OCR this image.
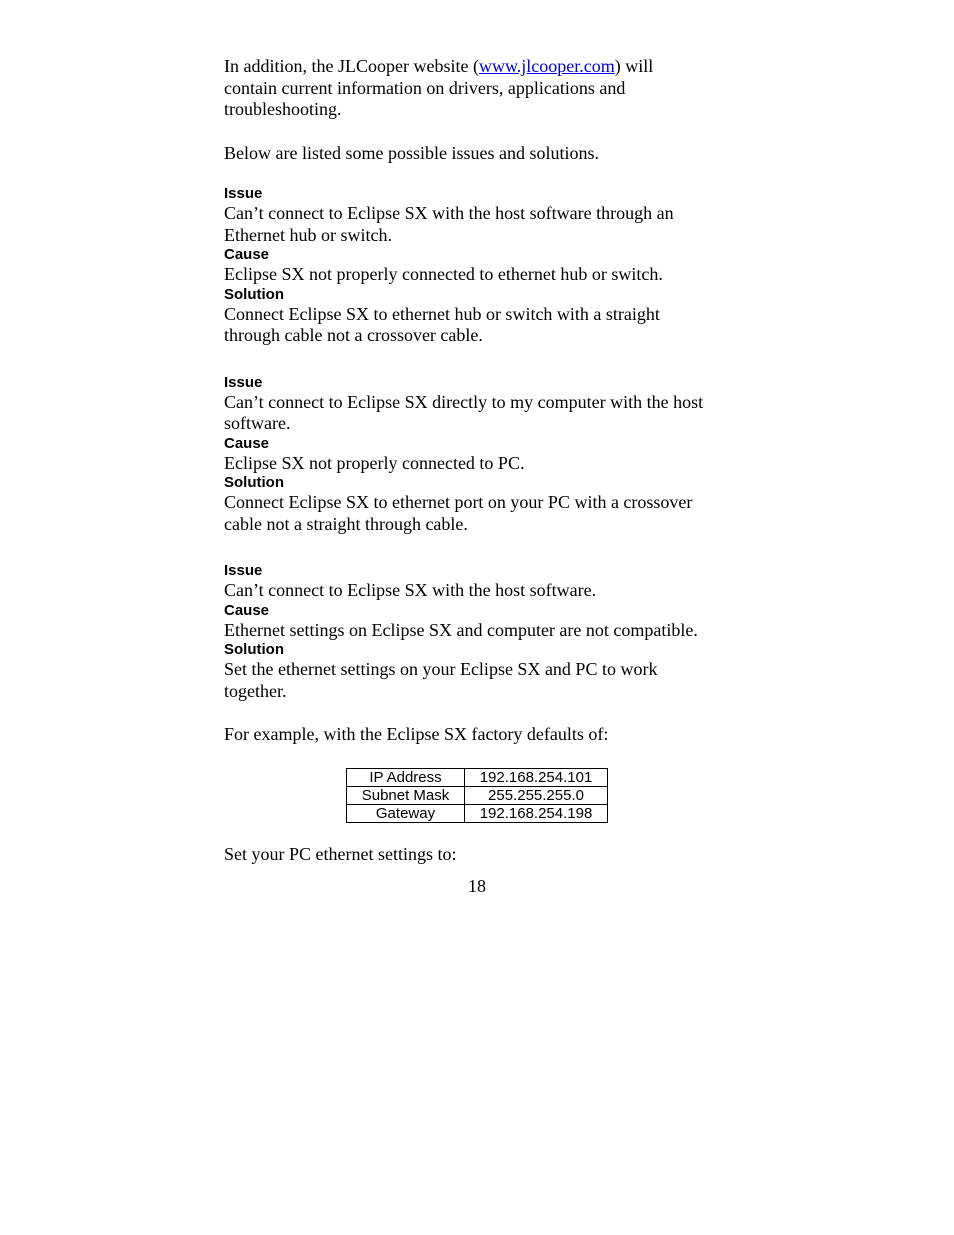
In addition, the JLCooper website (www.jlcooper.com) will
contain current information on drivers, applications and
troubleshooting.

Below are listed some possible issues and solutions.

Issue

Can’t connect to Eclipse SX with the host software through an
Ethernet hub or switch.

Cause

Eclipse SX not properly connected to ethernet hub or switch.

Solution

Connect Eclipse SX to ethernet hub or switch with a straight
through cable not a crossover cable.

Issue

Can’t connect to Eclipse SX directly to my computer with the host
software.

Cause

Eclipse SX not properly connected to PC.

Solution

Connect Eclipse SX to ethernet port on your PC with a crossover
cable not a straight through cable.

Issue

Can’t connect to Eclipse SX with the host software.

Cause

Ethernet settings on Eclipse SX and computer are not compatible.

Solution

Set the ethernet settings on your Eclipse SX and PC to work
together.

For example, with the Eclipse SX factory defaults of:

IP Address	192.168.254.101
Subnet Mask	255.255.255.0
Gateway	192.168.254.198

Set your PC ethernet settings to:

18
